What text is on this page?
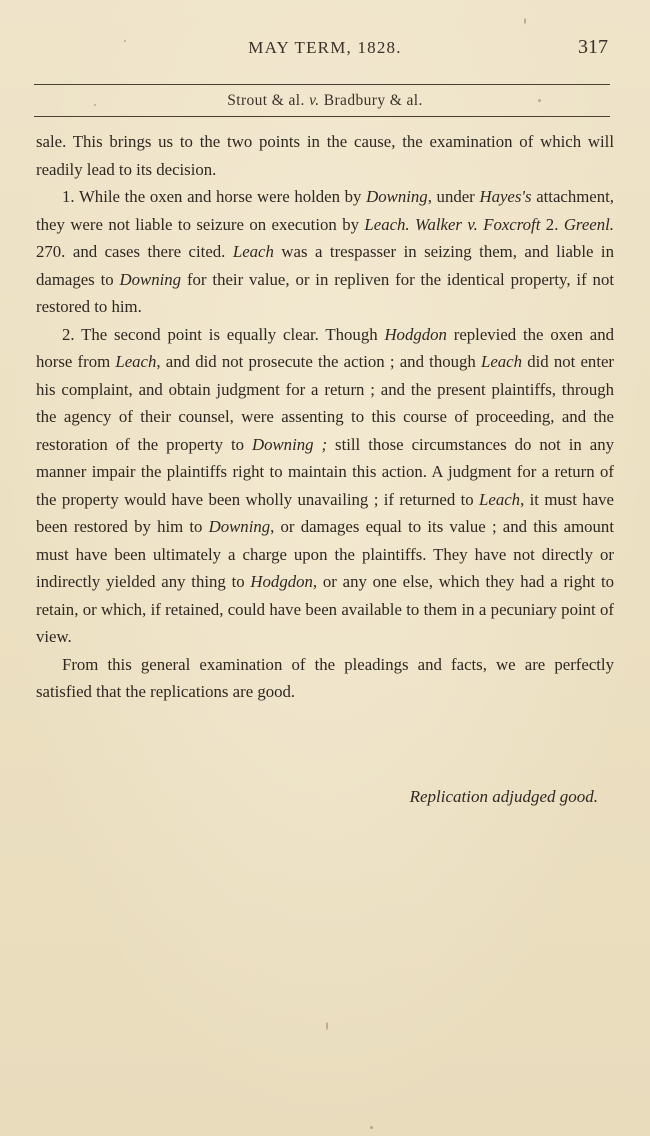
MAY TERM, 1828.	317
Strout & al. v. Bradbury & al.

sale. This brings us to the two points in the cause, the examination of which will readily lead to its decision.

1. While the oxen and horse were holden by Downing, under Hayes's attachment, they were not liable to seizure on execution by Leach. Walker v. Foxcroft 2. Greenl. 270. and cases there cited. Leach was a trespasser in seizing them, and liable in damages to Downing for their value, or in repliven for the identical property, if not restored to him.

2. The second point is equally clear. Though Hodgdon replevied the oxen and horse from Leach, and did not prosecute the action ; and though Leach did not enter his complaint, and obtain judgment for a return ; and the present plaintiffs, through the agency of their counsel, were assenting to this course of proceeding, and the restoration of the property to Downing ; still those circumstances do not in any manner impair the plaintiffs right to maintain this action. A judgment for a return of the property would have been wholly unavailing ; if returned to Leach, it must have been restored by him to Downing, or damages equal to its value ; and this amount must have been ultimately a charge upon the plaintiffs. They have not directly or indirectly yielded any thing to Hodgdon, or any one else, which they had a right to retain, or which, if retained, could have been available to them in a pecuniary point of view.

From this general examination of the pleadings and facts, we are perfectly satisfied that the replications are good.

Replication adjudged good.
